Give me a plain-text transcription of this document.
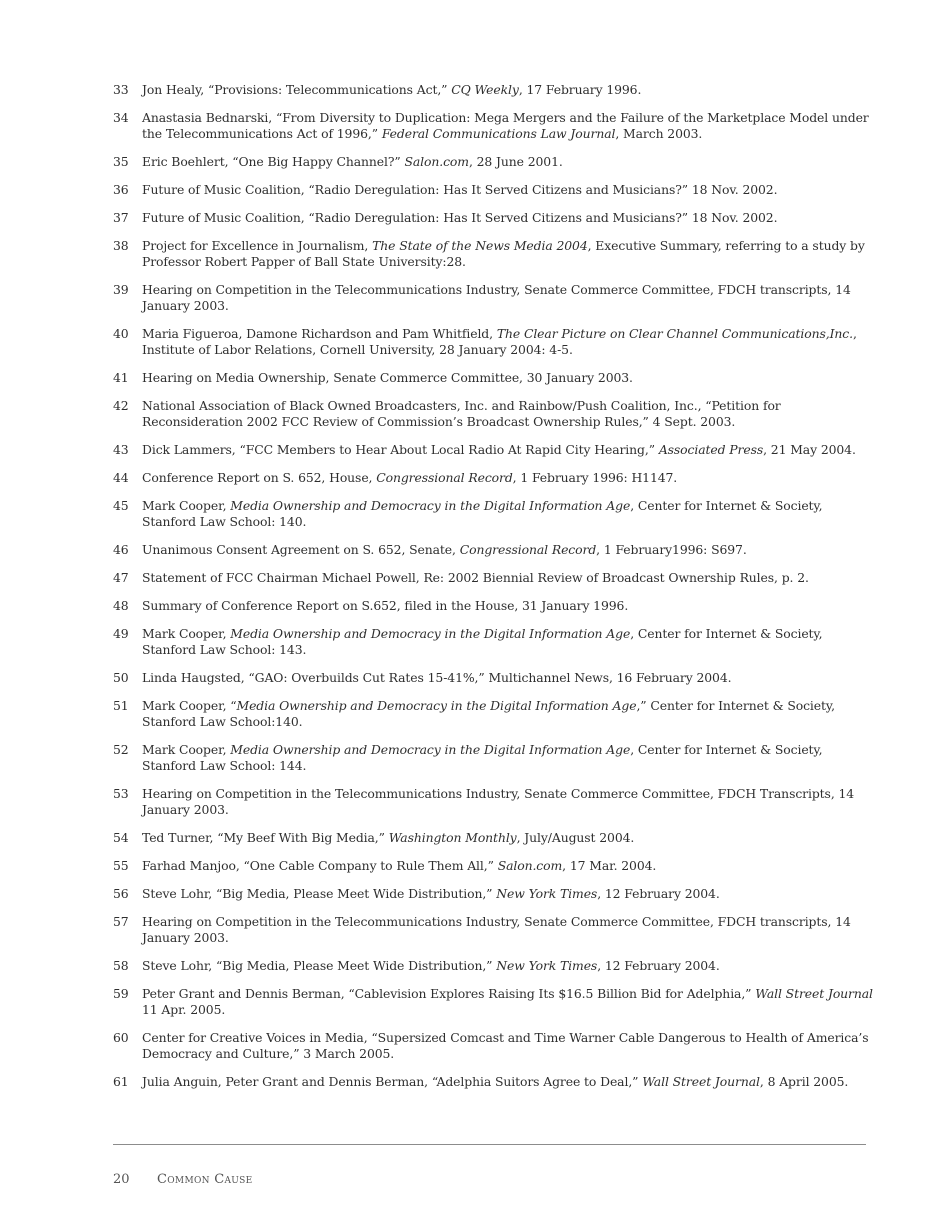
33	Jon Healy, “Provisions: Telecommunications Act,” CQ Weekly, 17 February 1996.
34	Anastasia Bednarski, “From Diversity to Duplication: Mega Mergers and the Failure of the Marketplace Model under the Telecommunications Act of 1996,” Federal Communications Law Journal, March 2003.
35	Eric Boehlert, “One Big Happy Channel?” Salon.com, 28 June 2001.
36	Future of Music Coalition, “Radio Deregulation: Has It Served Citizens and Musicians?” 18 Nov. 2002.
37	Future of Music Coalition, “Radio Deregulation: Has It Served Citizens and Musicians?” 18 Nov. 2002.
38	Project for Excellence in Journalism, The State of the News Media 2004, Executive Summary, referring to a study by Professor Robert Papper of Ball State University:28.
39	Hearing on Competition in the Telecommunications Industry, Senate Commerce Committee, FDCH transcripts, 14 January 2003.
40	Maria Figueroa, Damone Richardson and Pam Whitfield, The Clear Picture on Clear Channel Communications,Inc., Institute of Labor Relations, Cornell University, 28 January 2004: 4-5.
41	Hearing on Media Ownership, Senate Commerce Committee, 30 January 2003.
42	National Association of Black Owned Broadcasters, Inc. and Rainbow/Push Coalition, Inc., “Petition for Reconsideration 2002 FCC Review of Commission’s Broadcast Ownership Rules,” 4 Sept. 2003.
43	Dick Lammers, “FCC Members to Hear About Local Radio At Rapid City Hearing,” Associated Press, 21 May 2004.
44	Conference Report on S. 652, House, Congressional Record, 1 February 1996: H1147.
45	Mark Cooper, Media Ownership and Democracy in the Digital Information Age, Center for Internet & Society, Stanford Law School: 140.
46	Unanimous Consent Agreement on S. 652, Senate, Congressional Record, 1 February1996: S697.
47	Statement of FCC Chairman Michael Powell, Re: 2002 Biennial Review of Broadcast Ownership Rules, p. 2.
48	Summary of Conference Report on S.652, filed in the House, 31 January 1996.
49	Mark Cooper, Media Ownership and Democracy in the Digital Information Age, Center for Internet & Society, Stanford Law School: 143.
50	Linda Haugsted, “GAO: Overbuilds Cut Rates 15-41%,” Multichannel News, 16 February 2004.
51	Mark Cooper, “Media Ownership and Democracy in the Digital Information Age,” Center for Internet & Society, Stanford Law School:140.
52	Mark Cooper, Media Ownership and Democracy in the Digital Information Age, Center for Internet & Society, Stanford Law School: 144.
53	Hearing on Competition in the Telecommunications Industry, Senate Commerce Committee, FDCH Transcripts, 14 January 2003.
54	Ted Turner, “My Beef With Big Media,” Washington Monthly, July/August 2004.
55	Farhad Manjoo, “One Cable Company to Rule Them All,” Salon.com, 17 Mar. 2004.
56	Steve Lohr, “Big Media, Please Meet Wide Distribution,” New York Times, 12 February 2004.
57	Hearing on Competition in the Telecommunications Industry, Senate Commerce Committee, FDCH transcripts, 14 January 2003.
58	Steve Lohr, “Big Media, Please Meet Wide Distribution,” New York Times, 12 February 2004.
59	Peter Grant and Dennis Berman, “Cablevision Explores Raising Its $16.5 Billion Bid for Adelphia,” Wall Street Journal 11 Apr. 2005.
60	Center for Creative Voices in Media, “Supersized Comcast and Time Warner Cable Dangerous to Health of America’s Democracy and Culture,” 3 March 2005.
61	Julia Anguin, Peter Grant and Dennis Berman, “Adelphia Suitors Agree to Deal,” Wall Street Journal, 8 April 2005.
20 Common Cause
